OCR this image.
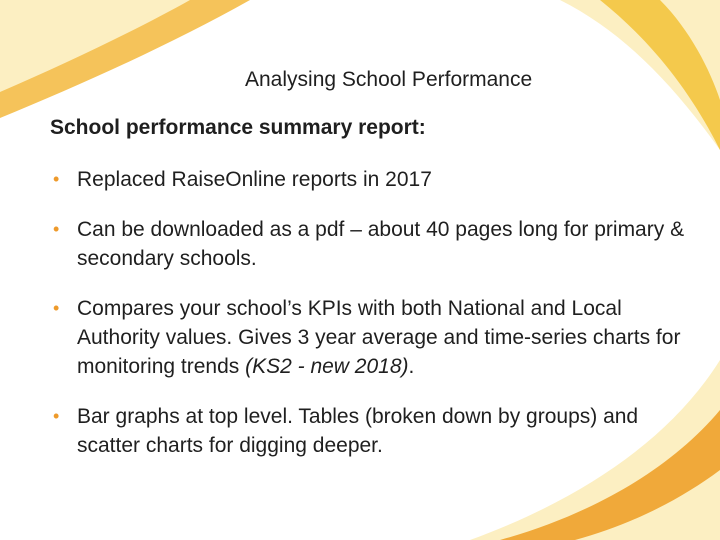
Analysing School Performance
School performance summary report:
• Replaced RaiseOnline reports in 2017
• Can be downloaded as a pdf – about 40 pages long for primary & secondary schools.
• Compares your school’s KPIs with both National and Local Authority values. Gives 3 year average and time-series charts for monitoring trends (KS2 - new 2018).
• Bar graphs at top level. Tables (broken down by groups) and scatter charts for digging deeper.
